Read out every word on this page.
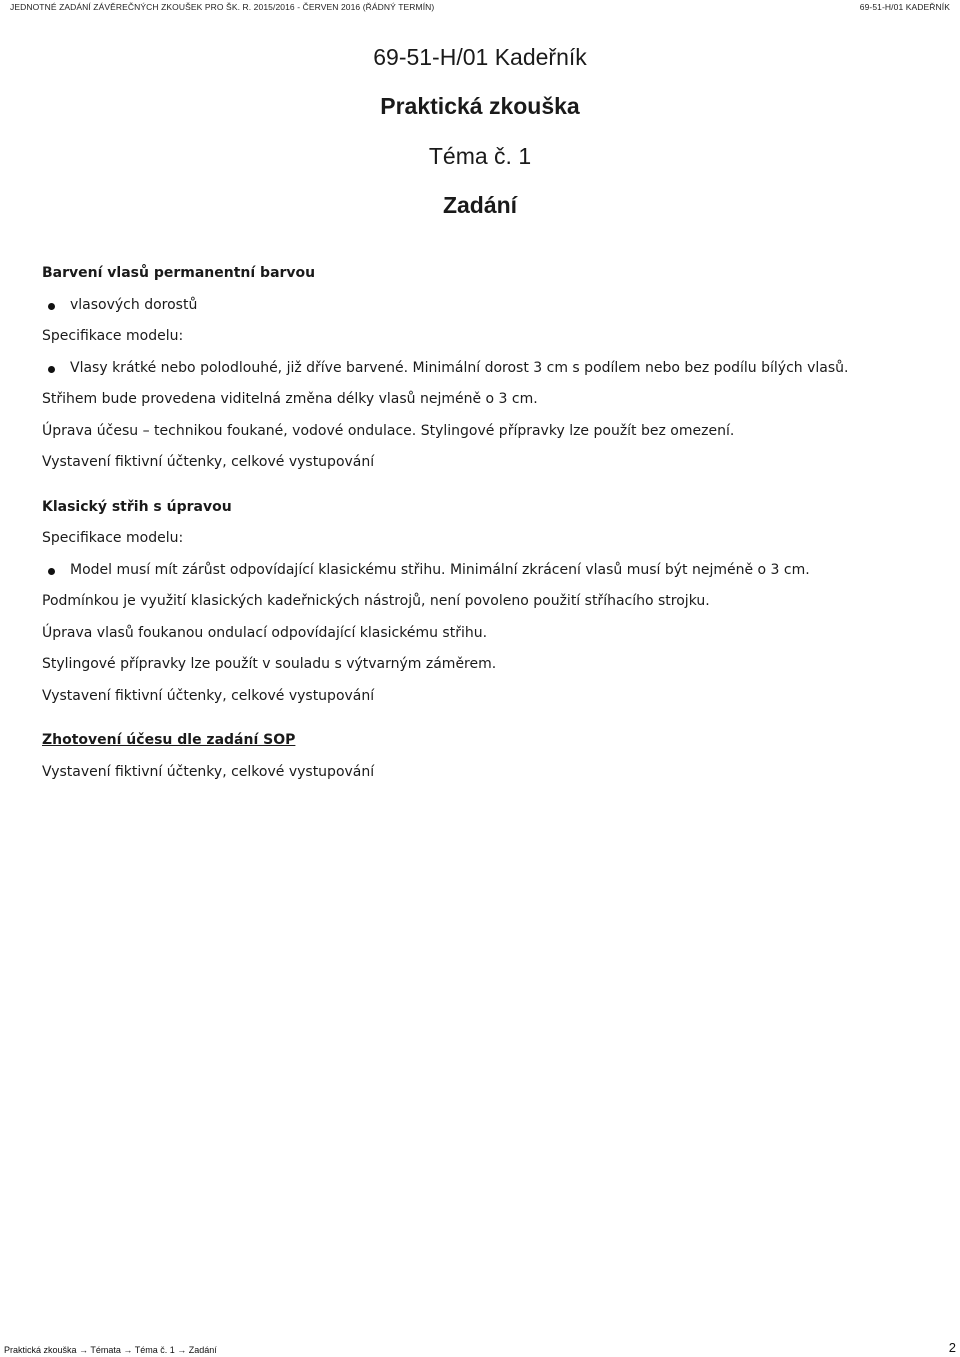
JEDNOTNÉ ZADÁNÍ ZÁVĚREČNÝCH ZKOUŠEK PRO ŠK. R. 2015/2016 - ČERVEN 2016 (ŘÁDNÝ TERMÍN)	69-51-H/01 KADEŘNÍK
69-51-H/01 Kadeřník
Praktická zkouška
Téma č. 1
Zadání
Barvení vlasů permanentní barvou
vlasových dorostů
Specifikace modelu:
Vlasy krátké nebo polodlouhé, již dříve barvené. Minimální dorost 3 cm s podílem nebo bez podílu bílých vlasů.
Střihem bude provedena viditelná změna délky vlasů nejméně o 3 cm.
Úprava účesu – technikou foukané, vodové ondulace. Stylingové přípravky lze použít bez omezení.
Vystavení fiktivní účtenky, celkové vystupování
Klasický střih s úpravou
Specifikace modelu:
Model musí mít zárůst odpovídající klasickému střihu. Minimální zkrácení vlasů musí být nejméně o 3 cm.
Podmínkou je využití klasických kadeřnických nástrojů, není povoleno použití stříhacího strojku.
Úprava vlasů foukanou ondulací odpovídající klasickému střihu.
Stylingové přípravky lze použít v souladu s výtvarným záměrem.
Vystavení fiktivní účtenky, celkové vystupování
Zhotovení účesu dle zadání SOP
Vystavení fiktivní účtenky, celkové vystupování
Praktická zkouška → Témata → Téma č. 1 → Zadání	2
